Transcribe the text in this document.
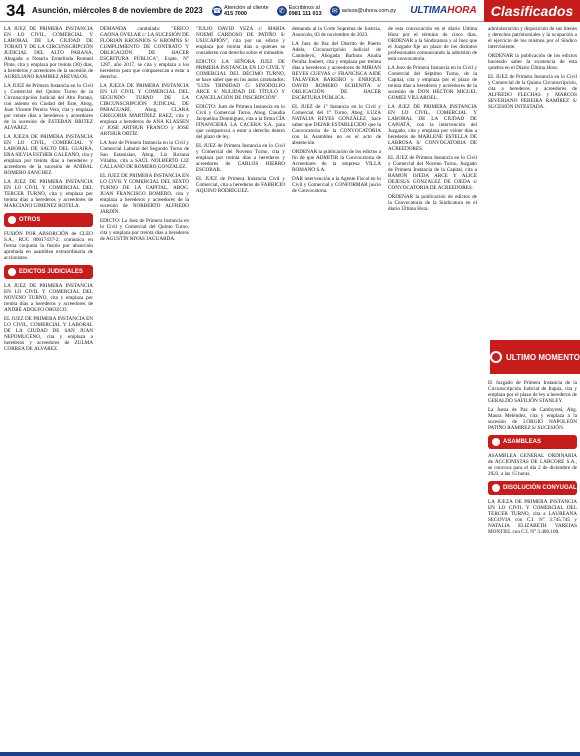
34 Asunción, miércoles 8 de noviembre de 2023	☎ Atención al cliente
415 7000	✆ Escribinos al
0981 111 013 ✉ avisos@uhora.com.py ULTIMAHORA	Clasificados

LA JUEZ DE PRIMERA INSTANCIA EN LO CIVIL, COMERCIAL Y LABORAL DE LA CIUDAD DE TOBATI Y DE LA CIRCUNSCRIPCIÓN JUDICIAL DEL ALTO PARANÁ, Abogada a Notaria Ermelinda Romaní Pinte, cita y emplaza por treinta (30) días, a herederos y acreedores de la sucesión de AURELIANO RAMIREZ AREVALOS.

LA JUEZ de Primera Instancia en lo Civil y Comercial del Quinto Turno de la Circunscripción Judicial del Alto Paraná, con asiento en Ciudad del Este, Abog. Juan Vicente Pereira Vera, cita y emplaza por veinte días a herederos y acreedores de la sucesión de ESTEBAN BRITEZ ALVAREZ.

LA JUEZA DE PRIMERA INSTANCIA EN LO CIVIL, COMERCIAL Y LABORAL DE SALTO DEL GUAIRÁ, ERA SILVIA ESTHER GALEANO, cita y emplaza por treinta días a herederos y acreedores de la sucesión de ANIBAL ROMERO SANCHEZ.

LA JUEZ DE PRIMERA INSTANCIA EN LO CIVIL Y COMERCIAL DEL TERCER TURNO, cita y emplaza por treinta días a herederos y acreedores de MARCIANO GIMENEZ ROTELA.

OTROS

FUSIÓN POR ABSORCIÓN de CLEO S.A., RUC 80017437-2; comunica en forma conjunta la fusión por absorción aprobada en asamblea extraordinaria de accionistas.

EDICTOS JUDICIALES

LA JUEZ DE PRIMERA INSTANCIA EN LO CIVIL Y COMERCIAL DEL NOVENO TURNO, cita y emplaza por treinta días a herederos y acreedores de ANDRÉ ADOLFO OROZCO.

EL JUEZ DE PRIMERA INSTANCIA EN LO CIVIL, COMERCIAL Y LABORAL DE LA CIUDAD DE SAN JUAN NEPOMUCENO, cita y emplaza a herederos y acreedores de ZULMA CORREA DE ALVAREZ.

DEMANDA caratulada: "ERICO GAONA OVELAR c/ LA SUCESIÓN DE FLORIAN KROSNIOS S/ KROMNS S/ CUMPLIMIENTO DE CONTRATO Y OBLIGACIÓN DE HACER ESCRITURA PÚBLICA", Expte. N° 1287, año 2017, se cita y emplaza a los herederos para que comparezcan a estar a derecho.

LA JUEZA DE PRIMERA INSTANCIA EN LO CIVIL Y COMERCIAL DEL SEGUNDO TURNO DE LA CIRCUNSCRIPCIÓN JUDICIAL DE PARAGUARÍ, Abog. CLARA GREGORIA MARTÍNEZ BAEZ, cita y emplaza a herederos de ANA KLASSEN c/ JOSE ARTHUR FRANCO y JOSE ARTHUR ORTÍZ.

LA Juez de Primera Instancia en lo Civil y Comercial Laboral del Segundo Turno de San Estanislao, Abog. Liz Roxana Villalba, cita a SAÚL NOLBERTO LIZ CALLANO DE ROMERO GONZALEZ.

EL JUEZ DE PRIMERA INSTANCIA EN LO CIVIL Y COMERCIAL DEL SEXTO TURNO DE LA CAPITAL, ABOG. JUAN FRANCISCO ROMERO, cita y emplaza a herederos y acreedores de la sucesión de NORBERTO ALFREDO JARDÍN.

EDICTO: La Juez de Primera Instancia en lo Civil y Comercial del Quinto Turno, cita y emplaza por treinta días a herederos de AGUSTÍN RIVAS JAGUARDA.

"JULIO DAVID YEZA c/ MARÍA NOEMÍ CARDOSO DE PATIÑO S/ USUCAPIÓN", cita por un edicto y emplaza por treinta días a quienes se consideren con derecho sobre el inmueble.

EDICTO: LA SEÑORA JUEZ DE PRIMERA INSTANCIA EN LO CIVIL Y COMERCIAL DEL DÉCIMO TURNO, se hace saber que en los autos caratulados: "LUIS TRINIDAD C/ SINODOLFO ARCE S/ NULIDAD DE TÍTULO Y CANCELACIÓN DE INSCRIPCIÓN".

EDICTO: Juez de Primera Instancia en lo Civil y Comercial Turno, Abog. Claudia Jacquelina Domínguez, cita a la firma CÍA FINANCIERA LA CACERA S.A. para que comparezca a estar a derecho dentro del plazo de ley.

EL JUEZ de Primera Instancia en lo Civil y Comercial del Noveno Turno, cita y emplaza por treinta días a herederos y acreedores de CARLOS HIERRO ESCOBAR.

EL JUEZ de Primera Instancia Civil y Comercial, cita a herederos de FABRICIO AQUINO RODRÍGUEZ.

demanda al la Corte Suprema de Justicia, Asunción, 03 de noviembre de 2023.

LA Juez de Paz del Distrito de Puerto Adela, Circunscripción Judicial de Canindeyú, Abogada Barbara Analía Peralta Joubert, cita y emplaza por treinta días a herederos y acreedores de MIRIAN REYES CUEVAS c/ FRANCISCA AIDE TALAVERA BAREIRO y ENRIQUE DAVID ROMERO ECHENITA s/ OBLIGACIÓN DE HACER ESCRITURA PÚBLICA.

EL JUEZ de 1° Instancia en lo Civil y Comercial del 1° Turno, Abog. LUZA NATALIA REYES GONZÁLEZ, hace saber que DEJAR ESTABLECIDO que la Convocatoria de la CONVOCATORIA con la Asamblea no es el acto de abstención.

ORDENAR la publicación de los edictos a fin de que ADMITIR la Convocatoria de Acreedores de la empresa VILLA ROMANO S.A.

DAR intervención a la Agente Fiscal en lo Civil y Comercial y CONFORMAR juicio de Convocatoria.

de esta convocación en el diario Última Hora por el término de cinco días. ORDENAR a la Sindicatura y al Juez que el Juzgado fije un plazo de los distintos profesionales comunicando la admisión de esta convocatoria.

LA Juez de Primera Instancia en lo Civil y Comercial del Séptimo Turno, de la Capital, cita y emplaza por el plazo de treinta días a herederos y acreedores de la sucesión de DON HÉCTOR MIGUEL GOMEZ VILLAROEL.

LA JUEZ DE PRIMERA INSTANCIA EN LO CIVIL, COMERCIAL Y LABORAL DE LA CIUDAD DE CAPIATÁ, con la intervención del Juzgado, cita y emplaza por veinte días a herederos de MARLENE ESTELLA DE LARROSA S/ CONVOCATORIA DE ACREEDORES.

EL JUEZ de Primera Instancia en lo Civil y Comercial del Noveno Turno, Juzgado de Primera Instancia de la Capital, cita a RAMON OJEDA ARCE Y ALICE DEJESUS GONZALEZ DE OJEDA s/ CONVOCATORIA DE ACREEDORES.

ORDENAR la publicación de edictos de la Convocatoria de la Sindicatura en el diario Última Hora.

administración y disposición de sus bienes y derechos patrimoniales y la ocupación a el ejercicio de los mismos por el Síndico interviniente.

ORDENAR la publicación de los edictos haciendo saber la existencia de esta quiebra en el Diario Última Hora.

EL JUEZ de Primera Instancia en lo Civil y Comercial de la Quinta Circunscripción, cita a herederos y acreedores de ALFREDO FLECHAS y MARCOS SEVERIANO PEREIRA RAMÍREZ S/ SUCESIÓN INTESTADA.

ULTIMO MOMENTO

El Juzgado de Primera Instancia de la Circunscripción Judicial de Itapúa, cita y emplaza por el plazo de ley a herederos de GERALDO SAFILIÓN STANLEY.

La Jueza de Paz de Cambyretá, Abg. Maura Meléndez, cita y emplaza a la sucesión de LORGIO NAPOLEÓN PATIÑO RAMIREZ S/ SUCESIÓN.

ASAMBLEAS

ASAMBLEA GENERAL ORDINARIA de ACCIONISTAS DE LABCORE S.A., se convoca para el día 2 de diciembre de 2023, a las 15 horas.

DISOLUCIÓN CONYUGAL

LA JUEZA DE PRIMERA INSTANCIA EN LO CIVIL Y COMERCIAL DEL TERCER TURNO, cita a LAUREANA SEGOVIA con C.I. N° 3.745.745 y NATALIA ELIZABETH VAREJAS MONTIEL con C.I. N° 3.400.100.
